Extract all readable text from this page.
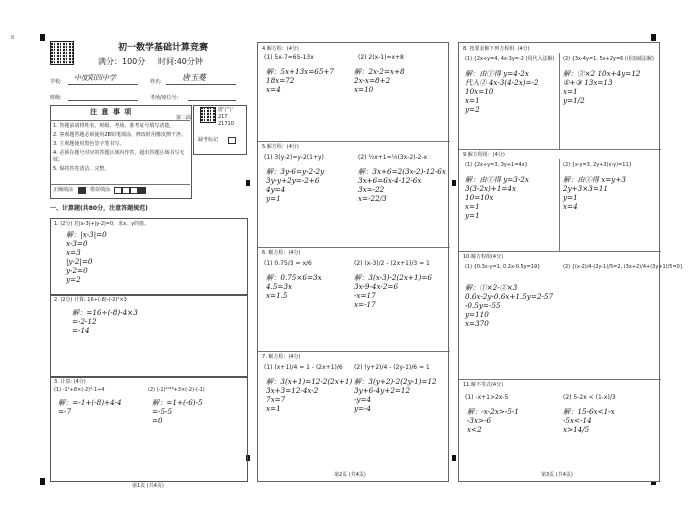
8
初一数学基础计算竞赛
满分：100分 时间:40分钟
学校: 中度阳四中学	姓名:	唐玉蔓
班级:	考场/座位号:
注 意 事 项
1. 答题前请将姓名、班级、考场、准考证号填写清楚。
2. 客观题答题必须使用2B铅笔填涂，修改时用橡皮擦干净。
3. 主观题使用黑色签字笔书写。
4. 必须在题号对应的答题区域内作答，超出答题区域书写无效。
5. 保持答卷清洁、完整。
正确填涂	错误填涂
唐宁宁
217
21710
第二面
缺考标记
一、计算题(共80分，注意答题规范)
1. (2分) 若|x-3|+|y-2|=0，求x、y的值。
解：|x-3|=0
x-3=0
x=3
|y-2|=0
y-2=0
y=2
2. (2分) 计算: 16÷(-8)-(-2)²×3
解：=16÷(-8)-4×3
=-2-12
=-14
3. 计算: (4分)
(1) -1²+8×(-2)³-1÷4	(2) (-1)²⁰¹⁸+3×(-2)-(-1)
解：=-1+(-8)+4-4
=-7
解：=1+(-6)-5
=-5-5
=0
第1页 (共4页)
4.解方程：(4分)
(1) 5x-7=65-13x	(2) 2(x-1)=x+8
解：5x+13x=65+7
18x=72
x=4
解：2x-2=x+8
2x-x=8+2
x=10
5.解方程：(4分)
(1) 3(y-2)=y-2(1+y)	(2) ½x+1=⅓(3x-2)-2-x
解：3y-6=y-2-2y
3y-y+2y=-2+6
4y=4
y=1
解：3x+6=2(3x-2)-12-6x
3x+6=6x-4-12-6x
3x=-22
x=-22/3
6. 解方程：(4分)
(1) 0.75/3 = x/6	(2) (x-3)/2 - (2x+1)/3 = 1
解：0.75×6=3x
4.5=3x
x=1.5
解：3(x-3)-2(2x+1)=6
3x-9-4x-2=6
-x=17
x=-17
7. 解方程：(4分)
(1) (x+1)/4 = 1 - (2x+1)/6 (2) (y+2)/4 - (2y-1)/6 = 1
解：3(x+1)=12-2(2x+1)
3x+3=12-4x-2
7x=7
x=1
解：3(y+2)-2(2y-1)=12
3y+6-4y+2=12
-y=4
y=-4
第2页 (共4页)
8. 按要求解下列方程组. (4分)
(1) {2x+y=4, 4x-3y=-2 (用代入法解) (2) {3x-4y=1, 5x+2y=6 (用加减法解)
解：由①得 y=4-2x
代入② 4x-3(4-2x)=-2
10x=10
x=1
y=2
解：②×2 10x+4y=12
①+③ 13x=13
x=1
y=1/2
9.解方程组：(4分)
(1) {2x+y=3, 3y+1=4x}	(2) {x-y=3, 2y+3(x-y)=11}
解：由①得 y=3-2x
3(3-2x)+1=4x
10=10x
x=1
y=1
解：由①得 x=y+3
2y+3×3=11
y=1
x=4
10.解方程组(4分)
(1) {0.3x-y=1, 0.2x-0.5y=19}	(2) {(x-2)/4-(2y-1)/5=2, (3x+2)/4+(3y+1)/5=0}
解：①×2-②×3
0.6x-2y-0.6x+1.5y=2-57
-0.5y=-55
y=110
x=370
11.解不等式(4分)
(1) -x+1>2x-5	(2) 5-2x < (1-x)/3
解：-x-2x>-5-1
-3x>-6
x<2
解：15-6x<1-x
-5x<-14
x>14/5
第3页 (共4页)
